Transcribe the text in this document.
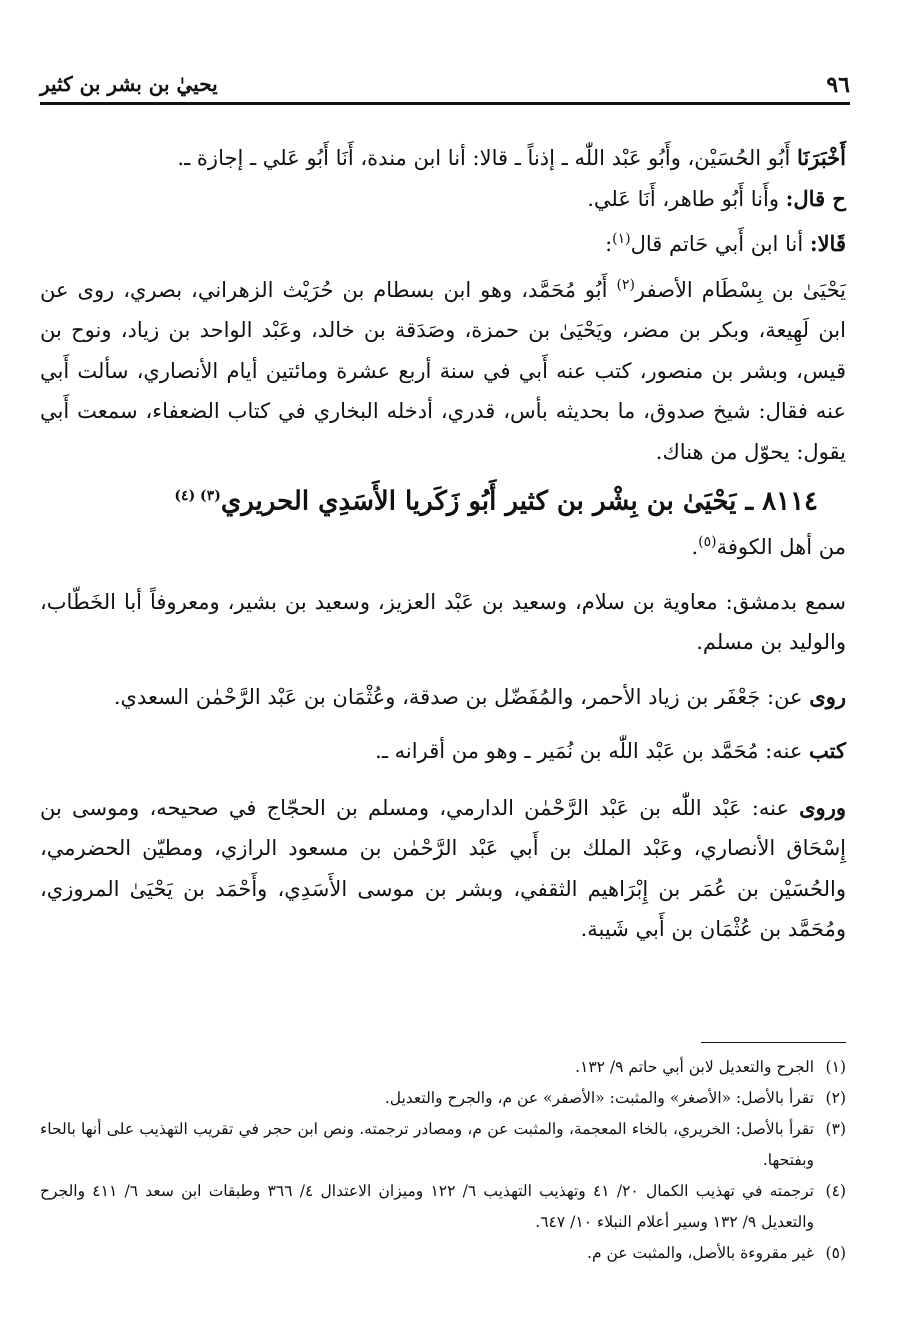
٩٦
يحييٰ بن بشر بن كثير

أَخْبَرَنَا أَبُو الحُسَيْن، وأَبُو عَبْد اللّٰه ـ إذناً ـ قالا: أنا ابن مندة، أَنَا أَبُو عَلي ـ إجازة ـ.

ح قال: وأَنا أَبُو طاهر، أَنَا عَلي.

قَالا: أنا ابن أَبي حَاتم قال$^{(١)}$:

يَحْيَىٰ بن بِسْطَام الأصفر$^{(٢)}$ أَبُو مُحَمَّد، وهو ابن بسطام بن حُرَيْث الزهراني، بصري، روى عن ابن لَهِيعة، وبكر بن مضر، ويَحْيَىٰ بن حمزة، وصَدَقة بن خالد، وعَبْد الواحد بن زياد، ونوح بن قيس، وبشر بن منصور، كتب عنه أَبي في سنة أربع عشرة ومائتين أيام الأنصاري، سألت أَبي عنه فقال: شيخ صدوق، ما بحديثه بأس، قدري، أدخله البخاري في كتاب الضعفاء، سمعت أَبي يقول: يحوّل من هناك.

٨١١٤ ـ يَحْيَىٰ بن بِشْر بن كثير أَبُو زَكَريا الأَسَدِي الحريري$^{(٣) (٤)}$

من أهل الكوفة$^{(٥)}$.

سمع بدمشق: معاوية بن سلام، وسعيد بن عَبْد العزيز، وسعيد بن بشير، ومعروفاً أبا الخَطّاب، والوليد بن مسلم.

روى عن: جَعْفَر بن زياد الأحمر، والمُفَضّل بن صدقة، وعُثْمَان بن عَبْد الرَّحْمٰن السعدي.

كتب عنه: مُحَمَّد بن عَبْد اللّٰه بن نُمَير ـ وهو من أقرانه ـ.

وروى عنه: عَبْد اللّٰه بن عَبْد الرَّحْمٰن الدارمي، ومسلم بن الحجّاج في صحيحه، وموسى بن إِسْحَاق الأنصاري، وعَبْد الملك بن أَبي عَبْد الرَّحْمٰن بن مسعود الرازي، ومطيّن الحضرمي، والحُسَيْن بن عُمَر بن إِبْرَاهيم الثقفي، وبشر بن موسى الأَسَدِي، وأَحْمَد بن يَحْيَىٰ المروزي، ومُحَمَّد بن عُثْمَان بن أَبي شَيبة.

(١)
الجرح والتعديل لابن أبي حاتم ٩/ ١٣٢.
(٢)
تقرأ بالأصل: «الأصغر» والمثبت: «الأصفر» عن م، والجرح والتعديل.
(٣)
تقرأ بالأصل: الخريري، بالخاء المعجمة، والمثبت عن م، ومصادر ترجمته. ونص ابن حجر في تقريب التهذيب على أنها بالحاء وبفتحها.
(٤)
ترجمته في تهذيب الكمال ٢٠/ ٤١ وتهذيب التهذيب ٦/ ١٢٢ وميزان الاعتدال ٤/ ٣٦٦ وطبقات ابن سعد ٦/ ٤١١ والجرح والتعديل ٩/ ١٣٢ وسير أعلام النبلاء ١٠/ ٦٤٧.
(٥)
غير مقروءة بالأصل، والمثبت عن م.
